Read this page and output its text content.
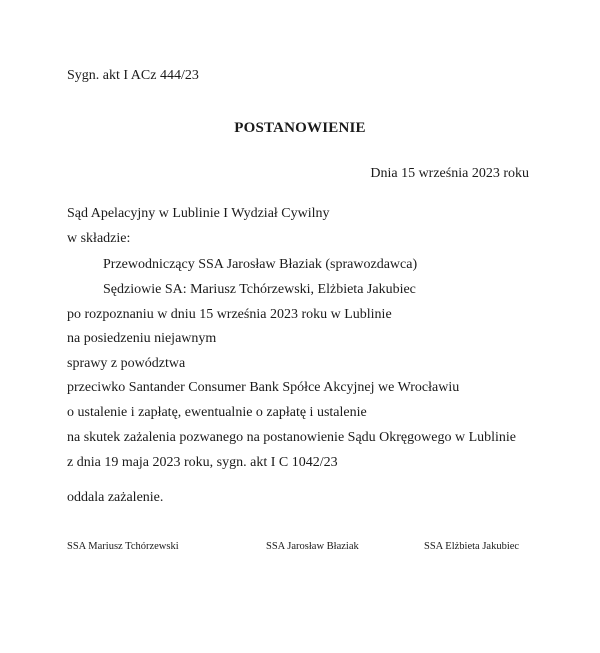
Sygn. akt I ACz 444/23
POSTANOWIENIE
Dnia 15 września 2023 roku
Sąd Apelacyjny w Lublinie I Wydział Cywilny
w składzie:
Przewodniczący SSA Jarosław Błaziak (sprawozdawca)
Sędziowie SA: Mariusz Tchórzewski, Elżbieta Jakubiec
po rozpoznaniu w dniu 15 września 2023 roku w Lublinie
na posiedzeniu niejawnym
sprawy z powództwa
przeciwko Santander Consumer Bank Spółce Akcyjnej we Wrocławiu
o ustalenie i zapłatę, ewentualnie o zapłatę i ustalenie
na skutek zażalenia pozwanego na postanowienie Sądu Okręgowego w Lublinie
z dnia 19 maja 2023 roku, sygn. akt I C 1042/23
oddala zażalenie.
SSA Mariusz Tchórzewski	SSA Jarosław Błaziak	SSA Elżbieta Jakubiec
